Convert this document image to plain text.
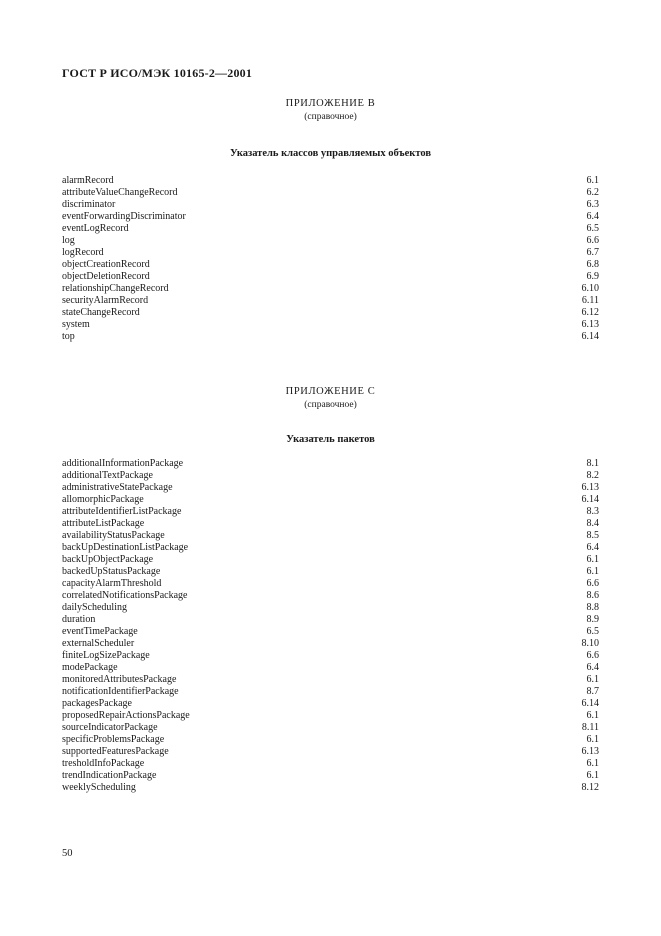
ГОСТ Р ИСО/МЭК 10165-2—2001
ПРИЛОЖЕНИЕ В
(справочное)
Указатель классов управляемых объектов
alarmRecord	6.1
attributeValueChangeRecord	6.2
discriminator	6.3
eventForwardingDiscriminator	6.4
eventLogRecord	6.5
log	6.6
logRecord	6.7
objectCreationRecord	6.8
objectDeletionRecord	6.9
relationshipChangeRecord	6.10
securityAlarmRecord	6.11
stateChangeRecord	6.12
system	6.13
top	6.14
ПРИЛОЖЕНИЕ С
(справочное)
Указатель пакетов
additionalInformationPackage	8.1
additionalTextPackage	8.2
administrativeStatePackage	6.13
allomorphicPackage	6.14
attributeIdentifierListPackage	8.3
attributeListPackage	8.4
availabilityStatusPackage	8.5
backUpDestinationListPackage	6.4
backUpObjectPackage	6.1
backedUpStatusPackage	6.1
capacityAlarmThreshold	6.6
correlatedNotificationsPackage	8.6
dailyScheduling	8.8
duration	8.9
eventTimePackage	6.5
externalScheduler	8.10
finiteLogSizePackage	6.6
modePackage	6.4
monitoredAttributesPackage	6.1
notificationIdentifierPackage	8.7
packagesPackage	6.14
proposedRepairActionsPackage	6.1
sourceIndicatorPackage	8.11
specificProblemsPackage	6.1
supportedFeaturesPackage	6.13
tresholdInfoPackage	6.1
trendIndicationPackage	6.1
weeklyScheduling	8.12
50
